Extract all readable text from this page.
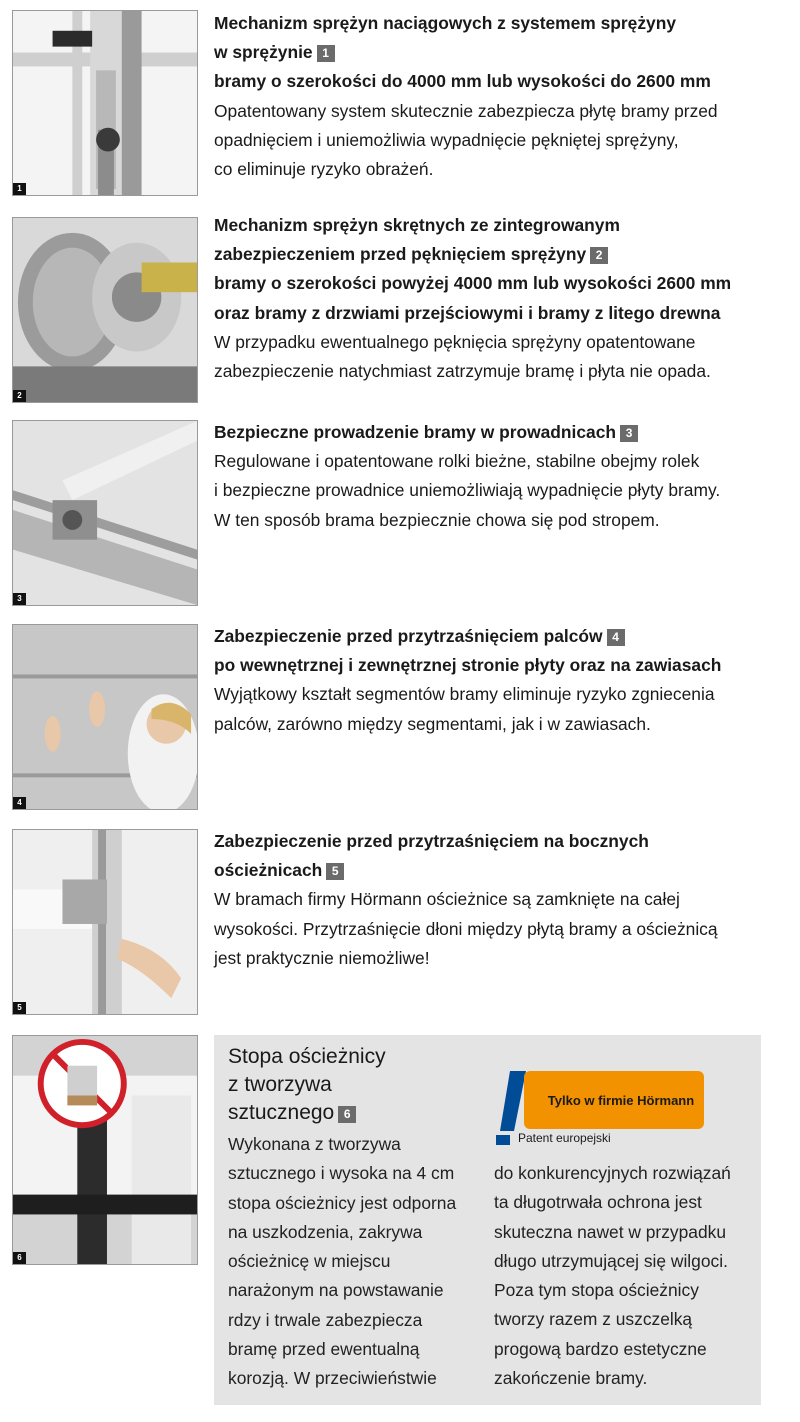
1
Mechanizm sprężyn naciągowych z systemem sprężyny
w sprężynie 1
bramy o szerokości do 4000 mm lub wysokości do 2600 mm
Opatentowany system skutecznie zabezpiecza płytę bramy przed
opadnięciem i uniemożliwia wypadnięcie pękniętej sprężyny,
co eliminuje ryzyko obrażeń.
2
Mechanizm sprężyn skrętnych ze zintegrowanym
zabezpieczeniem przed pęknięciem sprężyny 2
bramy o szerokości powyżej 4000 mm lub wysokości 2600 mm
oraz bramy z drzwiami przejściowymi i bramy z litego drewna
W przypadku ewentualnego pęknięcia sprężyny opatentowane
zabezpieczenie natychmiast zatrzymuje bramę i płyta nie opada.
3
Bezpieczne prowadzenie bramy w prowadnicach 3
Regulowane i opatentowane rolki bieżne, stabilne obejmy rolek
i bezpieczne prowadnice uniemożliwiają wypadnięcie płyty bramy.
W ten sposób brama bezpiecznie chowa się pod stropem.
4
Zabezpieczenie przed przytrzaśnięciem palców 4
po wewnętrznej i zewnętrznej stronie płyty oraz na zawiasach
Wyjątkowy kształt segmentów bramy eliminuje ryzyko zgniecenia
palców, zarówno między segmentami, jak i w zawiasach.
5
Zabezpieczenie przed przytrzaśnięciem na bocznych
ościeżnicach 5
W bramach firmy Hörmann ościeżnice są zamknięte na całej
wysokości. Przytrzaśnięcie dłoni między płytą bramy a ościeżnicą
jest praktycznie niemożliwe!
6
Stopa ościeżnicy
z tworzywa
sztucznego 6
Tylko w firmie Hörmann
Patent europejski
Wykonana z tworzywa
sztucznego i wysoka na 4 cm
stopa ościeżnicy jest odporna
na uszkodzenia, zakrywa
ościeżnicę w miejscu
narażonym na powstawanie
rdzy i trwale zabezpiecza
bramę przed ewentualną
korozją. W przeciwieństwie
do konkurencyjnych rozwiązań
ta długotrwała ochrona jest
skuteczna nawet w przypadku
długo utrzymującej się wilgoci.
Poza tym stopa ościeżnicy
tworzy razem z uszczelką
progową bardzo estetyczne
zakończenie bramy.
